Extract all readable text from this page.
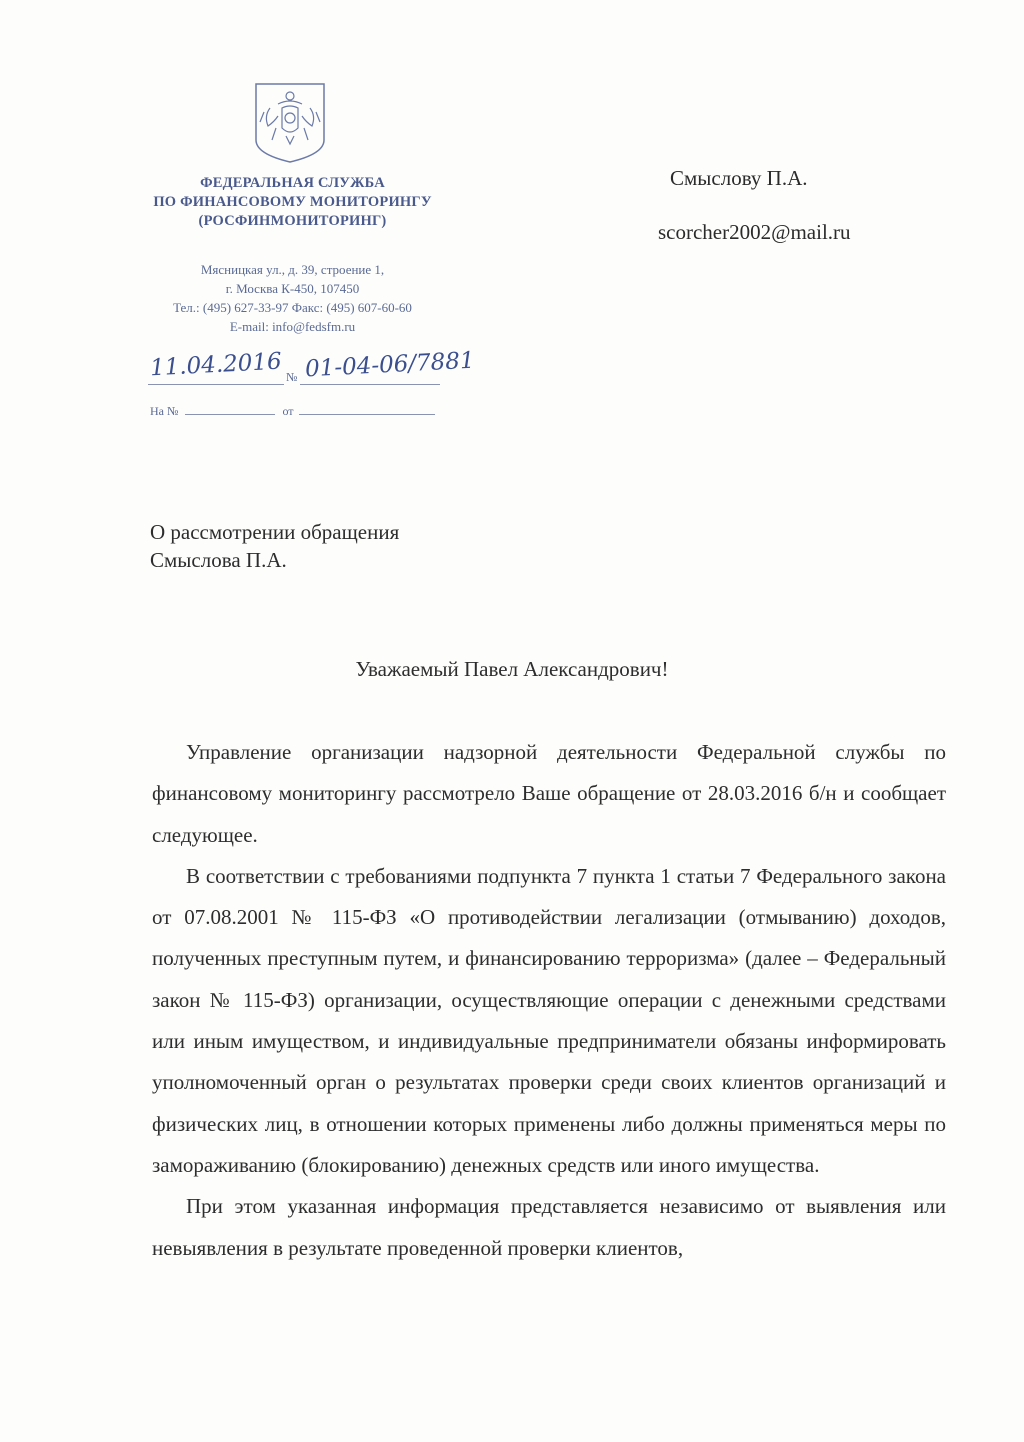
ФЕДЕРАЛЬНАЯ СЛУЖБА
ПО ФИНАНСОВОМУ МОНИТОРИНГУ
(РОСФИНМОНИТОРИНГ)
Мясницкая ул., д. 39, строение 1,
г. Москва К-450, 107450
Тел.: (495) 627-33-97 Факс: (495) 607-60-60
E-mail: info@fedsfm.ru
11.04.2016 № 01-04-06/7881
На №	от
Смыслову П.А.
scorcher2002@mail.ru
О рассмотрении обращения
Смыслова П.А.
Уважаемый Павел Александрович!

Управление организации надзорной деятельности Федеральной службы по финансовому мониторингу рассмотрело Ваше обращение от 28.03.2016 б/н и сообщает следующее.

В соответствии с требованиями подпункта 7 пункта 1 статьи 7 Федерального закона от 07.08.2001 № 115-ФЗ «О противодействии легализации (отмыванию) доходов, полученных преступным путем, и финансированию терроризма» (далее – Федеральный закон № 115-ФЗ) организации, осуществляющие операции с денежными средствами или иным имуществом, и индивидуальные предприниматели обязаны информировать уполномоченный орган о результатах проверки среди своих клиентов организаций и физических лиц, в отношении которых применены либо должны применяться меры по замораживанию (блокированию) денежных средств или иного имущества.

При этом указанная информация представляется независимо от выявления или невыявления в результате проведенной проверки клиентов,
